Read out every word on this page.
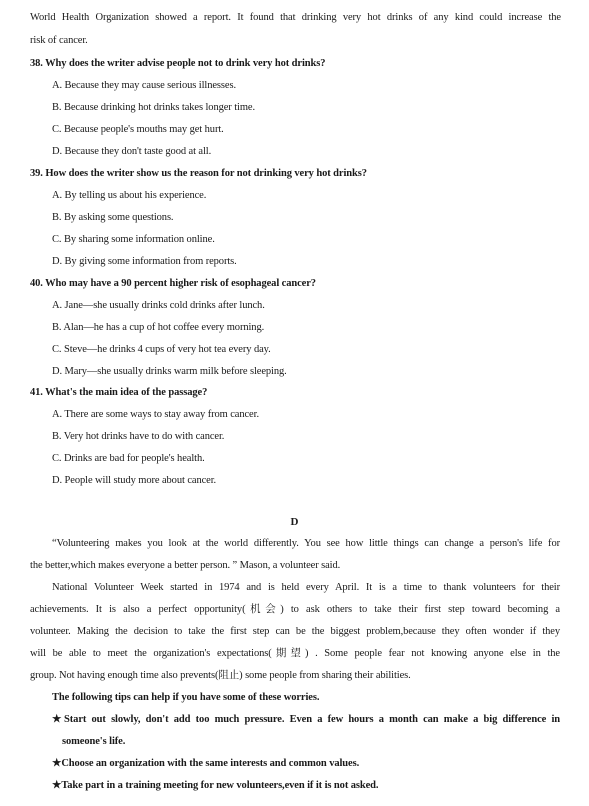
World Health Organization showed a report. It found that drinking very hot drinks of any kind could increase the
risk of cancer.
38. Why does the writer advise people not to drink very hot drinks?
A. Because they may cause serious illnesses.
B. Because drinking hot drinks takes longer time.
C. Because people's mouths may get hurt.
D. Because they don't taste good at all.
39. How does the writer show us the reason for not drinking very hot drinks?
A. By telling us about his experience.
B. By asking some questions.
C. By sharing some information online.
D. By giving some information from reports.
40. Who may have a 90 percent higher risk of esophageal cancer?
A. Jane—she usually drinks cold drinks after lunch.
B. Alan—he has a cup of hot coffee every morning.
C. Steve—he drinks 4 cups of very hot tea every day.
D. Mary—she usually drinks warm milk before sleeping.
41. What's the main idea of the passage?
A. There are some ways to stay away from cancer.
B. Very hot drinks have to do with cancer.
C. Drinks are bad for people's health.
D. People will study more about cancer.
D
“Volunteering makes you look at the world differently. You see how little things can change a person's life for
the better,which makes everyone a better person. ” Mason, a volunteer said.
National Volunteer Week started in 1974 and is held every April. It is a time to thank volunteers for their
achievements. It is also a perfect opportunity(机会) to ask others to take their first step toward becoming a
volunteer. Making the decision to take the first step can be the biggest problem,because they often wonder if they
will be able to meet the organization's expectations(期望) . Some people fear not knowing anyone else in the
group. Not having enough time also prevents(阻止) some people from sharing their abilities.
The following tips can help if you have some of these worries.
★Start out slowly, don't add too much pressure. Even a few hours a month can make a big difference in
someone's life.
★Choose an organization with the same interests and common values.
★Take part in a training meeting for new volunteers,even if it is not asked.
